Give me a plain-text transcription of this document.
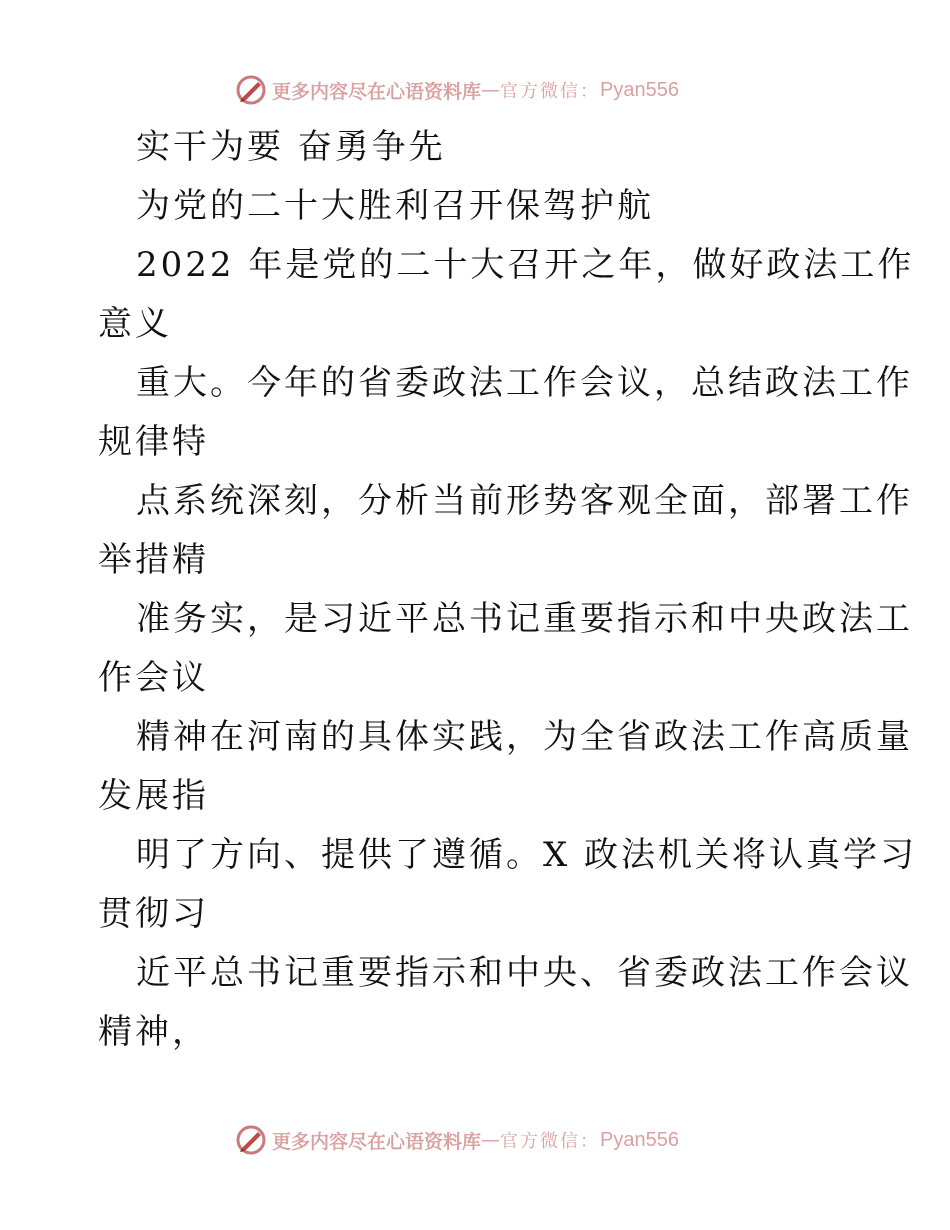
更多内容尽在心语资料库 — 官方微信： Pyan556
实干为要 奋勇争先
为党的二十大胜利召开保驾护航
2022 年是党的二十大召开之年，做好政法工作
意义
重大。今年的省委政法工作会议，总结政法工作
规律特
点系统深刻，分析当前形势客观全面，部署工作
举措精
准务实，是习近平总书记重要指示和中央政法工
作会议
精神在河南的具体实践，为全省政法工作高质量
发展指
明了方向、提供了遵循。X 政法机关将认真学习
贯彻习
近平总书记重要指示和中央、省委政法工作会议
精神，
更多内容尽在心语资料库 — 官方微信： Pyan556
